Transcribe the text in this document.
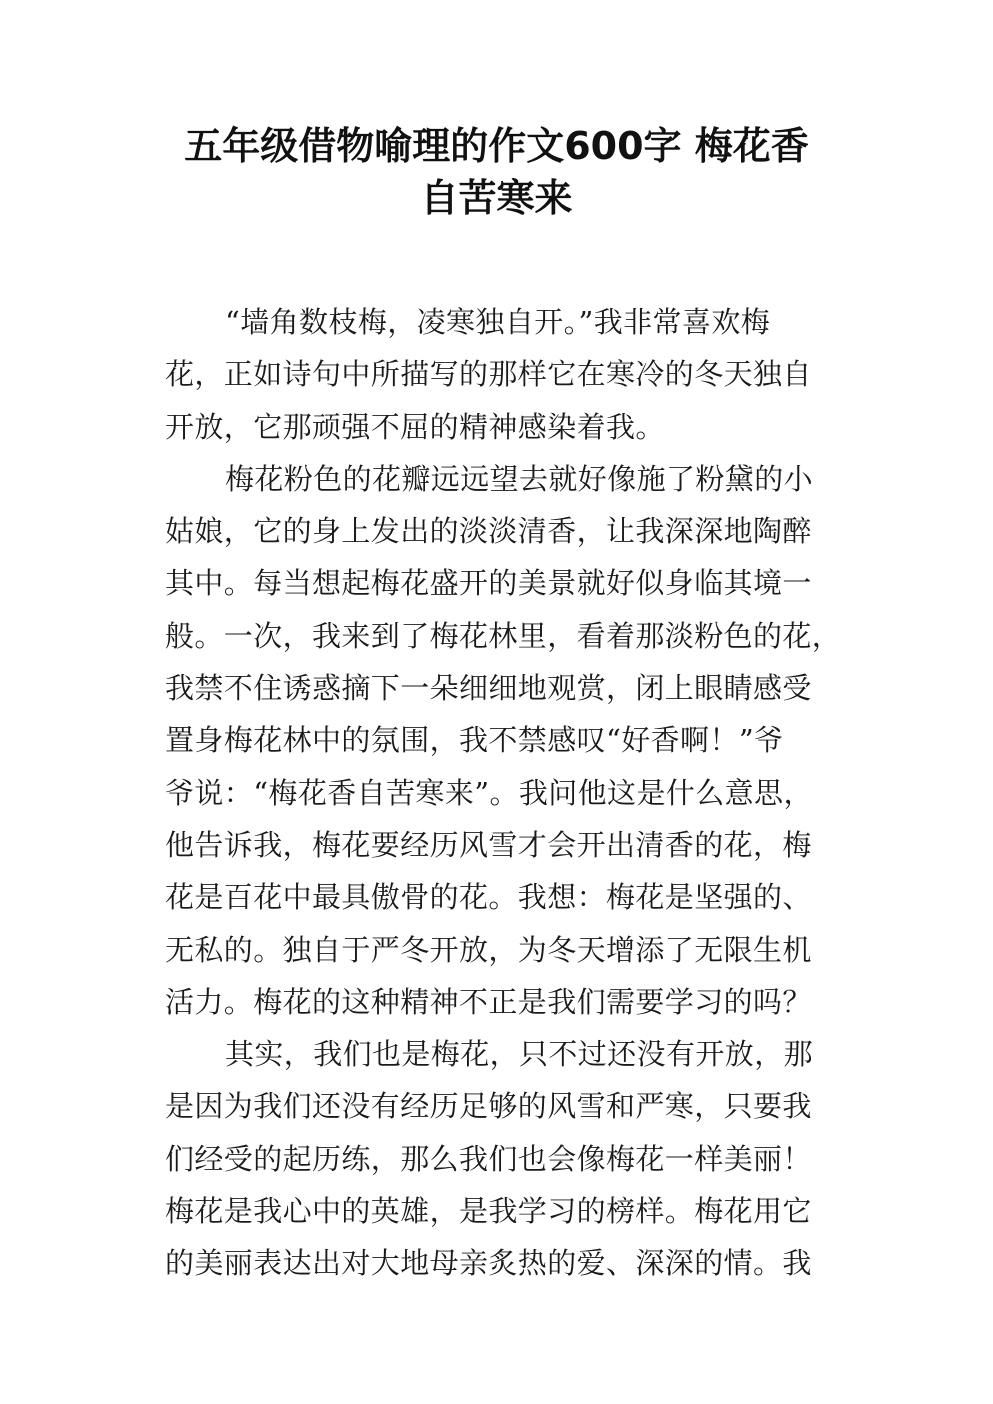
五年级借物喻理的作文600字 梅花香
自苦寒来
“墙角数枝梅，凌寒独自开。”我非常喜欢梅
花，正如诗句中所描写的那样它在寒冷的冬天独自
开放，它那顽强不屈的精神感染着我。
梅花粉色的花瓣远远望去就好像施了粉黛的小
姑娘，它的身上发出的淡淡清香，让我深深地陶醉
其中。每当想起梅花盛开的美景就好似身临其境一
般。一次，我来到了梅花林里，看着那淡粉色的花，
我禁不住诱惑摘下一朵细细地观赏，闭上眼睛感受
置身梅花林中的氛围，我不禁感叹“好香啊！”爷
爷说：“梅花香自苦寒来”。我问他这是什么意思，
他告诉我，梅花要经历风雪才会开出清香的花，梅
花是百花中最具傲骨的花。我想：梅花是坚强的、
无私的。独自于严冬开放，为冬天增添了无限生机
活力。梅花的这种精神不正是我们需要学习的吗？
其实，我们也是梅花，只不过还没有开放，那
是因为我们还没有经历足够的风雪和严寒，只要我
们经受的起历练，那么我们也会像梅花一样美丽！
梅花是我心中的英雄，是我学习的榜样。梅花用它
的美丽表达出对大地母亲炙热的爱、深深的情。我
